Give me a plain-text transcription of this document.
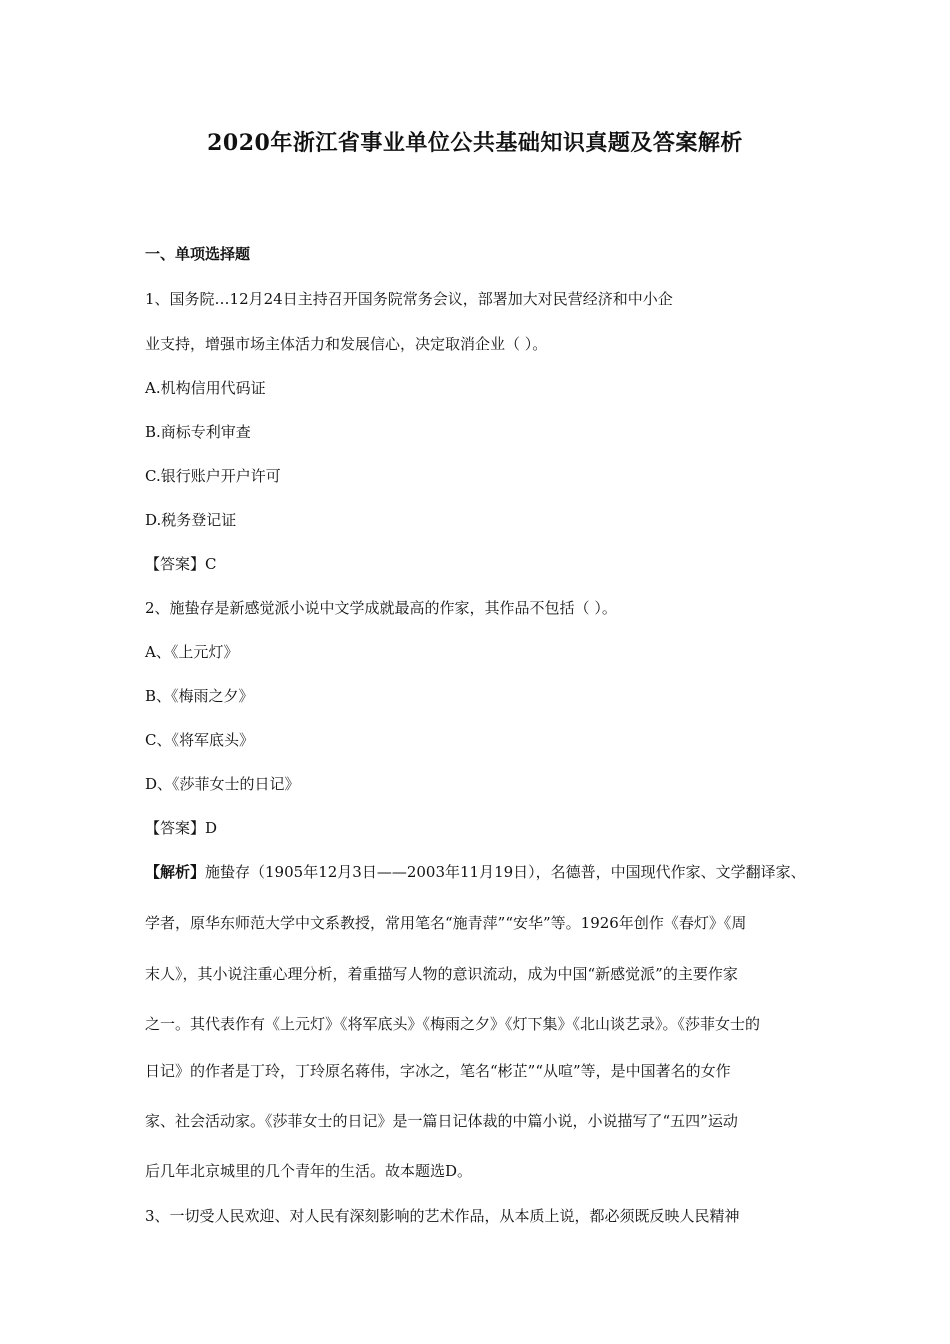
2020年浙江省事业单位公共基础知识真题及答案解析
一、单项选择题
1、国务院…12月24日主持召开国务院常务会议，部署加大对民营经济和中小企
业支持，增强市场主体活力和发展信心，决定取消企业（ ）。
A.机构信用代码证
B.商标专利审查
C.银行账户开户许可
D.税务登记证
【答案】C
2、施蛰存是新感觉派小说中文学成就最高的作家，其作品不包括（ ）。
A、《上元灯》
B、《梅雨之夕》
C、《将军底头》
D、《莎菲女士的日记》
【答案】D
【解析】施蛰存（1905年12月3日——2003年11月19日），名德普，中国现代作家、文学翻译家、
学者，原华东师范大学中文系教授，常用笔名“施青萍”“安华”等。1926年创作《春灯》《周
末人》，其小说注重心理分析，着重描写人物的意识流动，成为中国“新感觉派”的主要作家
之一。其代表作有《上元灯》《将军底头》《梅雨之夕》《灯下集》《北山谈艺录》。《莎菲女士的
日记》的作者是丁玲，丁玲原名蒋伟，字冰之，笔名“彬芷”“从喧”等，是中国著名的女作
家、社会活动家。《莎菲女士的日记》是一篇日记体裁的中篇小说，小说描写了“五四”运动
后几年北京城里的几个青年的生活。故本题选D。
3、一切受人民欢迎、对人民有深刻影响的艺术作品，从本质上说，都必须既反映人民精神
